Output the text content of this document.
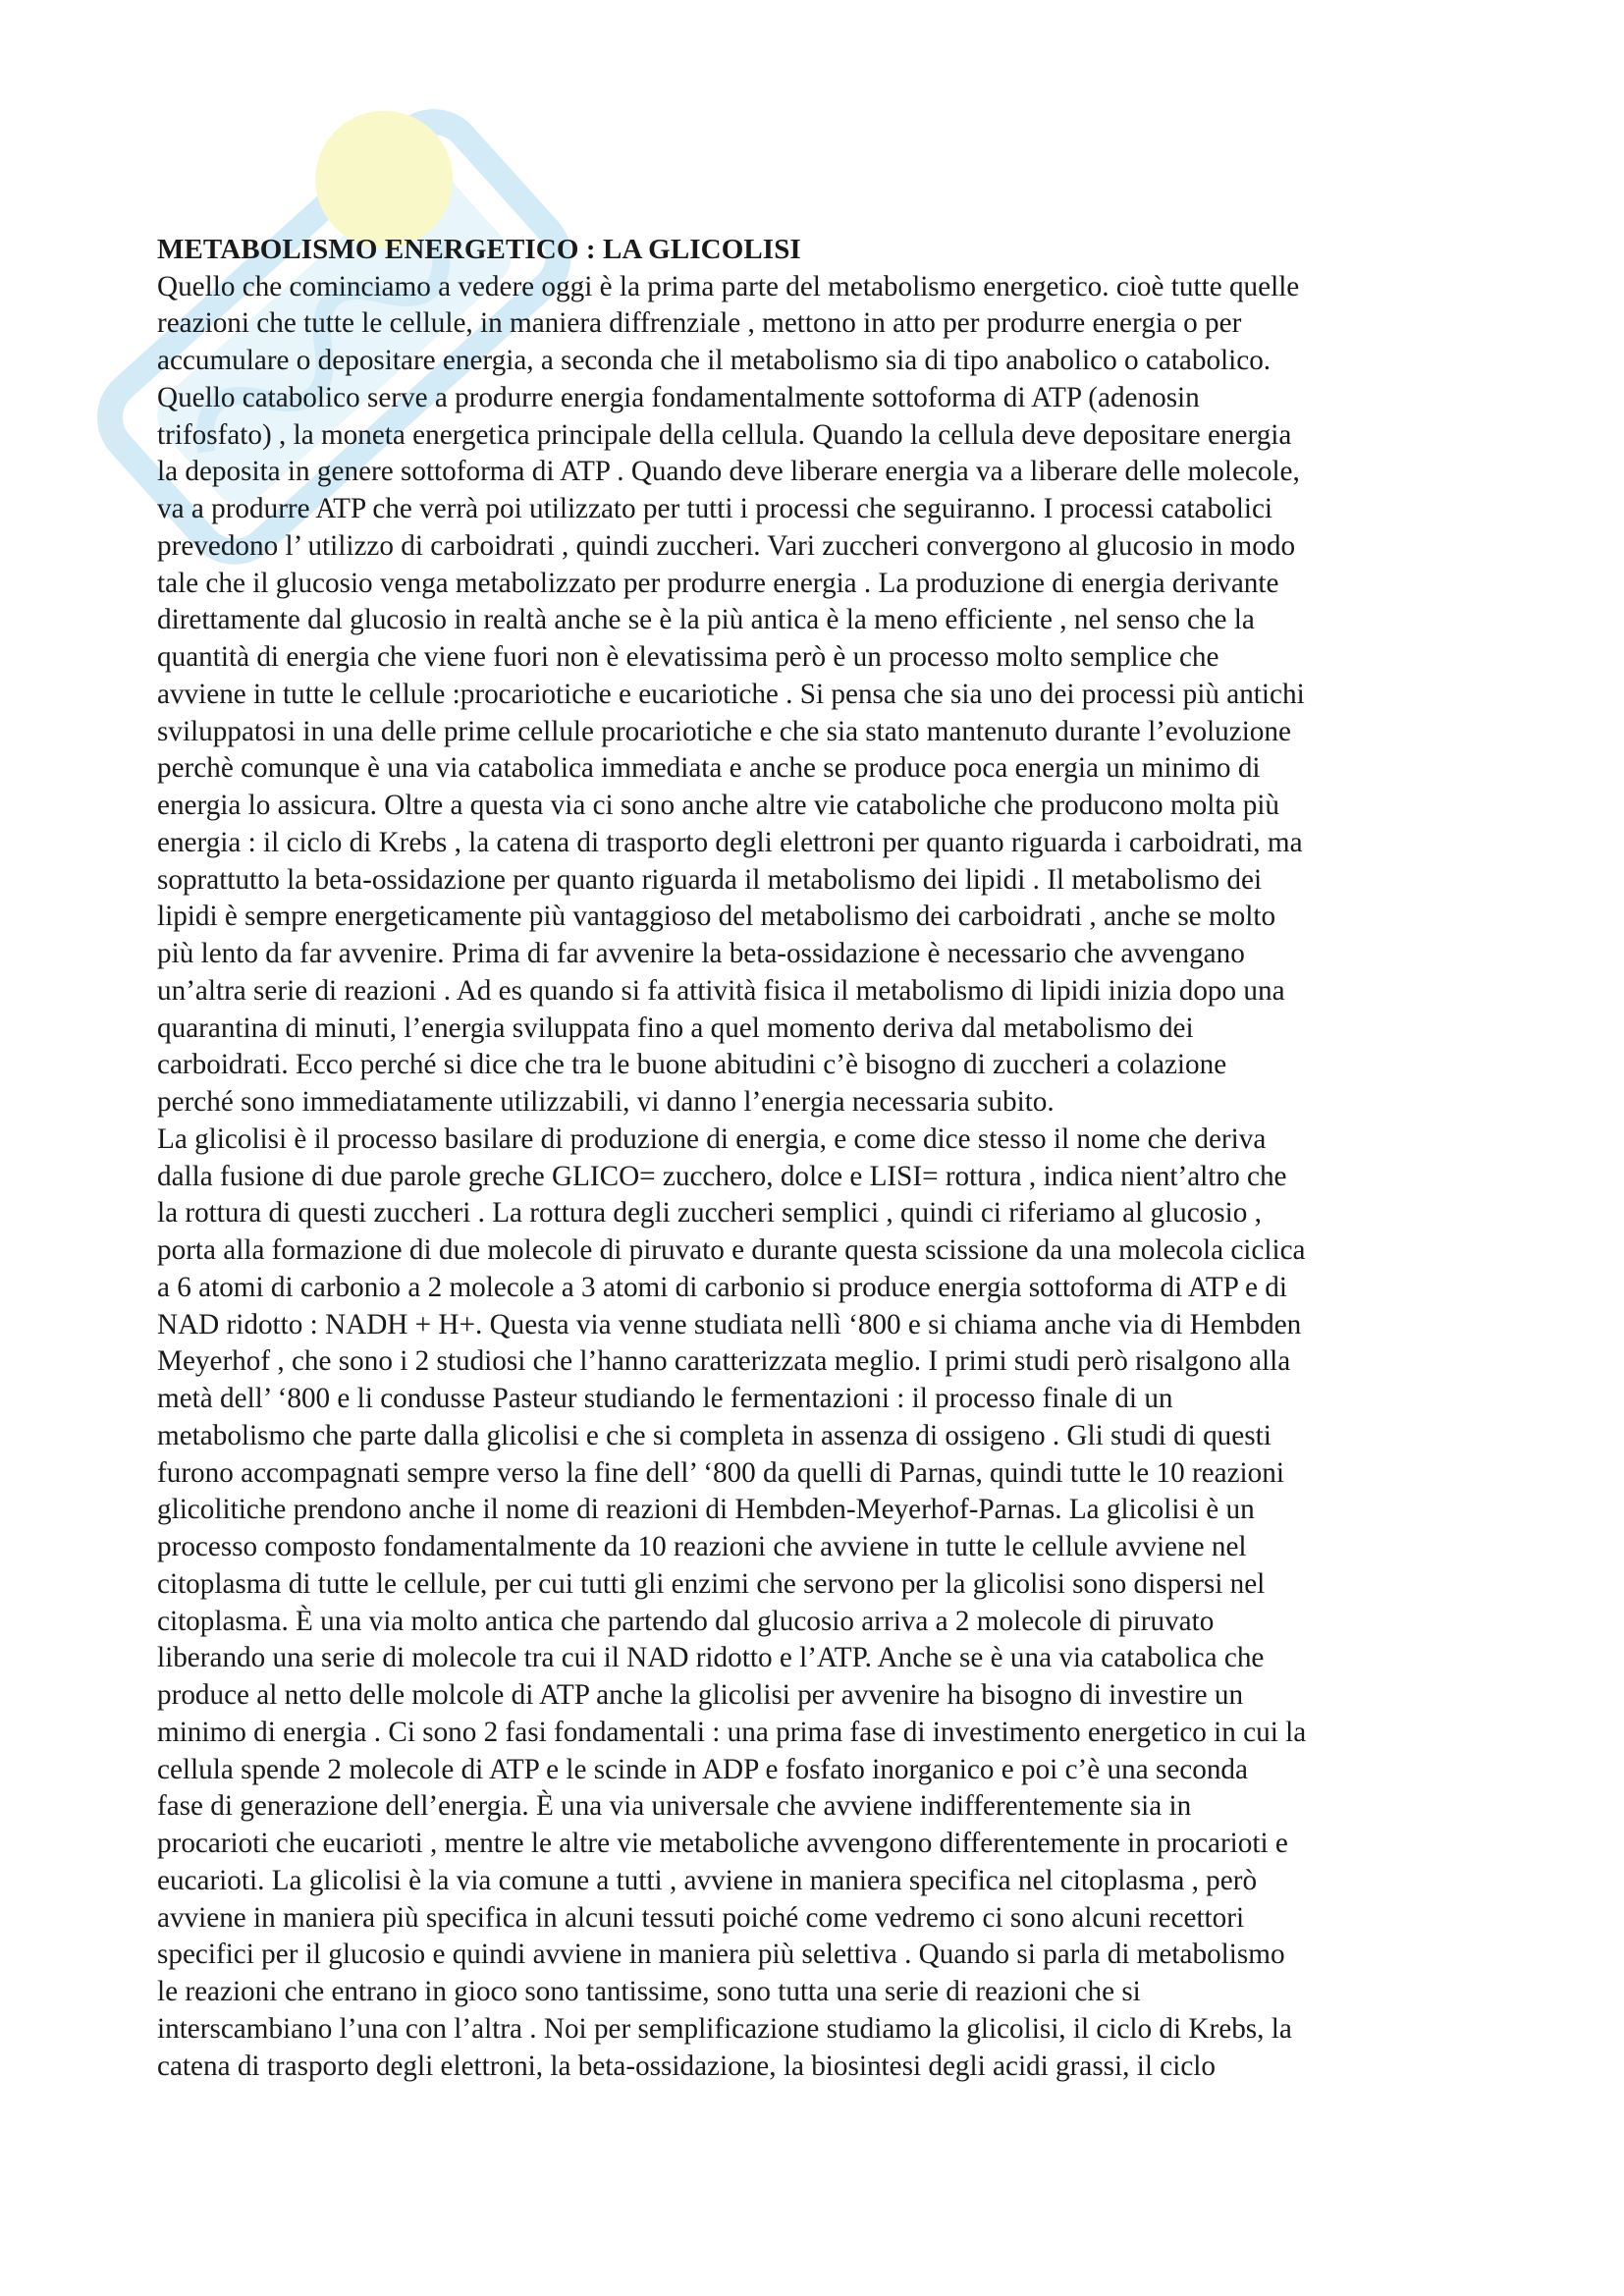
METABOLISMO ENERGETICO : LA GLICOLISI

Quello che cominciamo a vedere oggi è la prima parte del metabolismo energetico. cioè tutte quelle
reazioni che tutte le cellule, in maniera diffrenziale , mettono in atto per produrre energia o per
accumulare o depositare energia, a seconda che il metabolismo sia di tipo anabolico o catabolico.
Quello catabolico serve a produrre energia fondamentalmente sottoforma di ATP (adenosin
trifosfato) , la moneta energetica principale della cellula. Quando la cellula deve depositare energia
la deposita in genere sottoforma di ATP . Quando deve liberare energia va a liberare delle molecole,
va a produrre ATP che verrà poi utilizzato per tutti i processi che seguiranno. I processi catabolici
prevedono l’ utilizzo di carboidrati , quindi zuccheri. Vari zuccheri convergono al glucosio in modo
tale che il glucosio venga metabolizzato per produrre energia . La produzione di energia derivante
direttamente dal glucosio in realtà anche se è la più antica è la meno efficiente , nel senso che la
quantità di energia che viene fuori non è elevatissima però è un processo molto semplice che
avviene in tutte le cellule :procariotiche e eucariotiche . Si pensa che sia uno dei processi più antichi
sviluppatosi in una delle prime cellule procariotiche e che sia stato mantenuto durante l’evoluzione
perchè comunque è una via catabolica immediata e anche se produce poca energia un minimo di
energia lo assicura. Oltre a questa via ci sono anche altre vie cataboliche che producono molta più
energia : il ciclo di Krebs , la catena di trasporto degli elettroni per quanto riguarda i carboidrati, ma
soprattutto la beta-ossidazione per quanto riguarda il metabolismo dei lipidi . Il metabolismo dei
lipidi è sempre energeticamente più vantaggioso del metabolismo dei carboidrati , anche se molto
più lento da far avvenire. Prima di far avvenire la beta-ossidazione è necessario che avvengano
un’altra serie di reazioni . Ad es quando si fa attività fisica il metabolismo di lipidi inizia dopo una
quarantina di minuti, l’energia sviluppata fino a quel momento deriva dal metabolismo dei
carboidrati. Ecco perché si dice che tra le buone abitudini c’è bisogno di zuccheri a colazione
perché sono immediatamente utilizzabili, vi danno l’energia necessaria subito.

La glicolisi è il processo basilare di produzione di energia, e come dice stesso il nome che deriva
dalla fusione di due parole greche GLICO= zucchero, dolce e LISI= rottura , indica nient’altro che
la rottura di questi zuccheri . La rottura degli zuccheri semplici , quindi ci riferiamo al glucosio ,
porta alla formazione di due molecole di piruvato e durante questa scissione da una molecola ciclica
a 6 atomi di carbonio a 2 molecole a 3 atomi di carbonio si produce energia sottoforma di ATP e di
NAD ridotto : NADH + H+. Questa via venne studiata nellì ‘800 e si chiama anche via di Hembden
Meyerhof , che sono i 2 studiosi che l’hanno caratterizzata meglio. I primi studi però risalgono alla
metà dell’ ‘800 e li condusse Pasteur studiando le fermentazioni : il processo finale di un
metabolismo che parte dalla glicolisi e che si completa in assenza di ossigeno . Gli studi di questi
furono accompagnati sempre verso la fine dell’ ‘800 da quelli di Parnas, quindi tutte le 10 reazioni
glicolitiche prendono anche il nome di reazioni di Hembden-Meyerhof-Parnas. La glicolisi è un
processo composto fondamentalmente da 10 reazioni che avviene in tutte le cellule avviene nel
citoplasma di tutte le cellule, per cui tutti gli enzimi che servono per la glicolisi sono dispersi nel
citoplasma. È una via molto antica che partendo dal glucosio arriva a 2 molecole di piruvato
liberando una serie di molecole tra cui il NAD ridotto e l’ATP. Anche se è una via catabolica che
produce al netto delle molcole di ATP anche la glicolisi per avvenire ha bisogno di investire un
minimo di energia . Ci sono 2 fasi fondamentali : una prima fase di investimento energetico in cui la
cellula spende 2 molecole di ATP e le scinde in ADP e fosfato inorganico e poi c’è una seconda
fase di generazione dell’energia. È una via universale che avviene indifferentemente sia in
procarioti che eucarioti , mentre le altre vie metaboliche avvengono differentemente in procarioti e
eucarioti. La glicolisi è la via comune a tutti , avviene in maniera specifica nel citoplasma , però
avviene in maniera più specifica in alcuni tessuti poiché come vedremo ci sono alcuni recettori
specifici per il glucosio e quindi avviene in maniera più selettiva . Quando si parla di metabolismo
le reazioni che entrano in gioco sono tantissime, sono tutta una serie di reazioni che si
interscambiano l’una con l’altra . Noi per semplificazione studiamo la glicolisi, il ciclo di Krebs, la
catena di trasporto degli elettroni, la beta-ossidazione, la biosintesi degli acidi grassi, il ciclo
